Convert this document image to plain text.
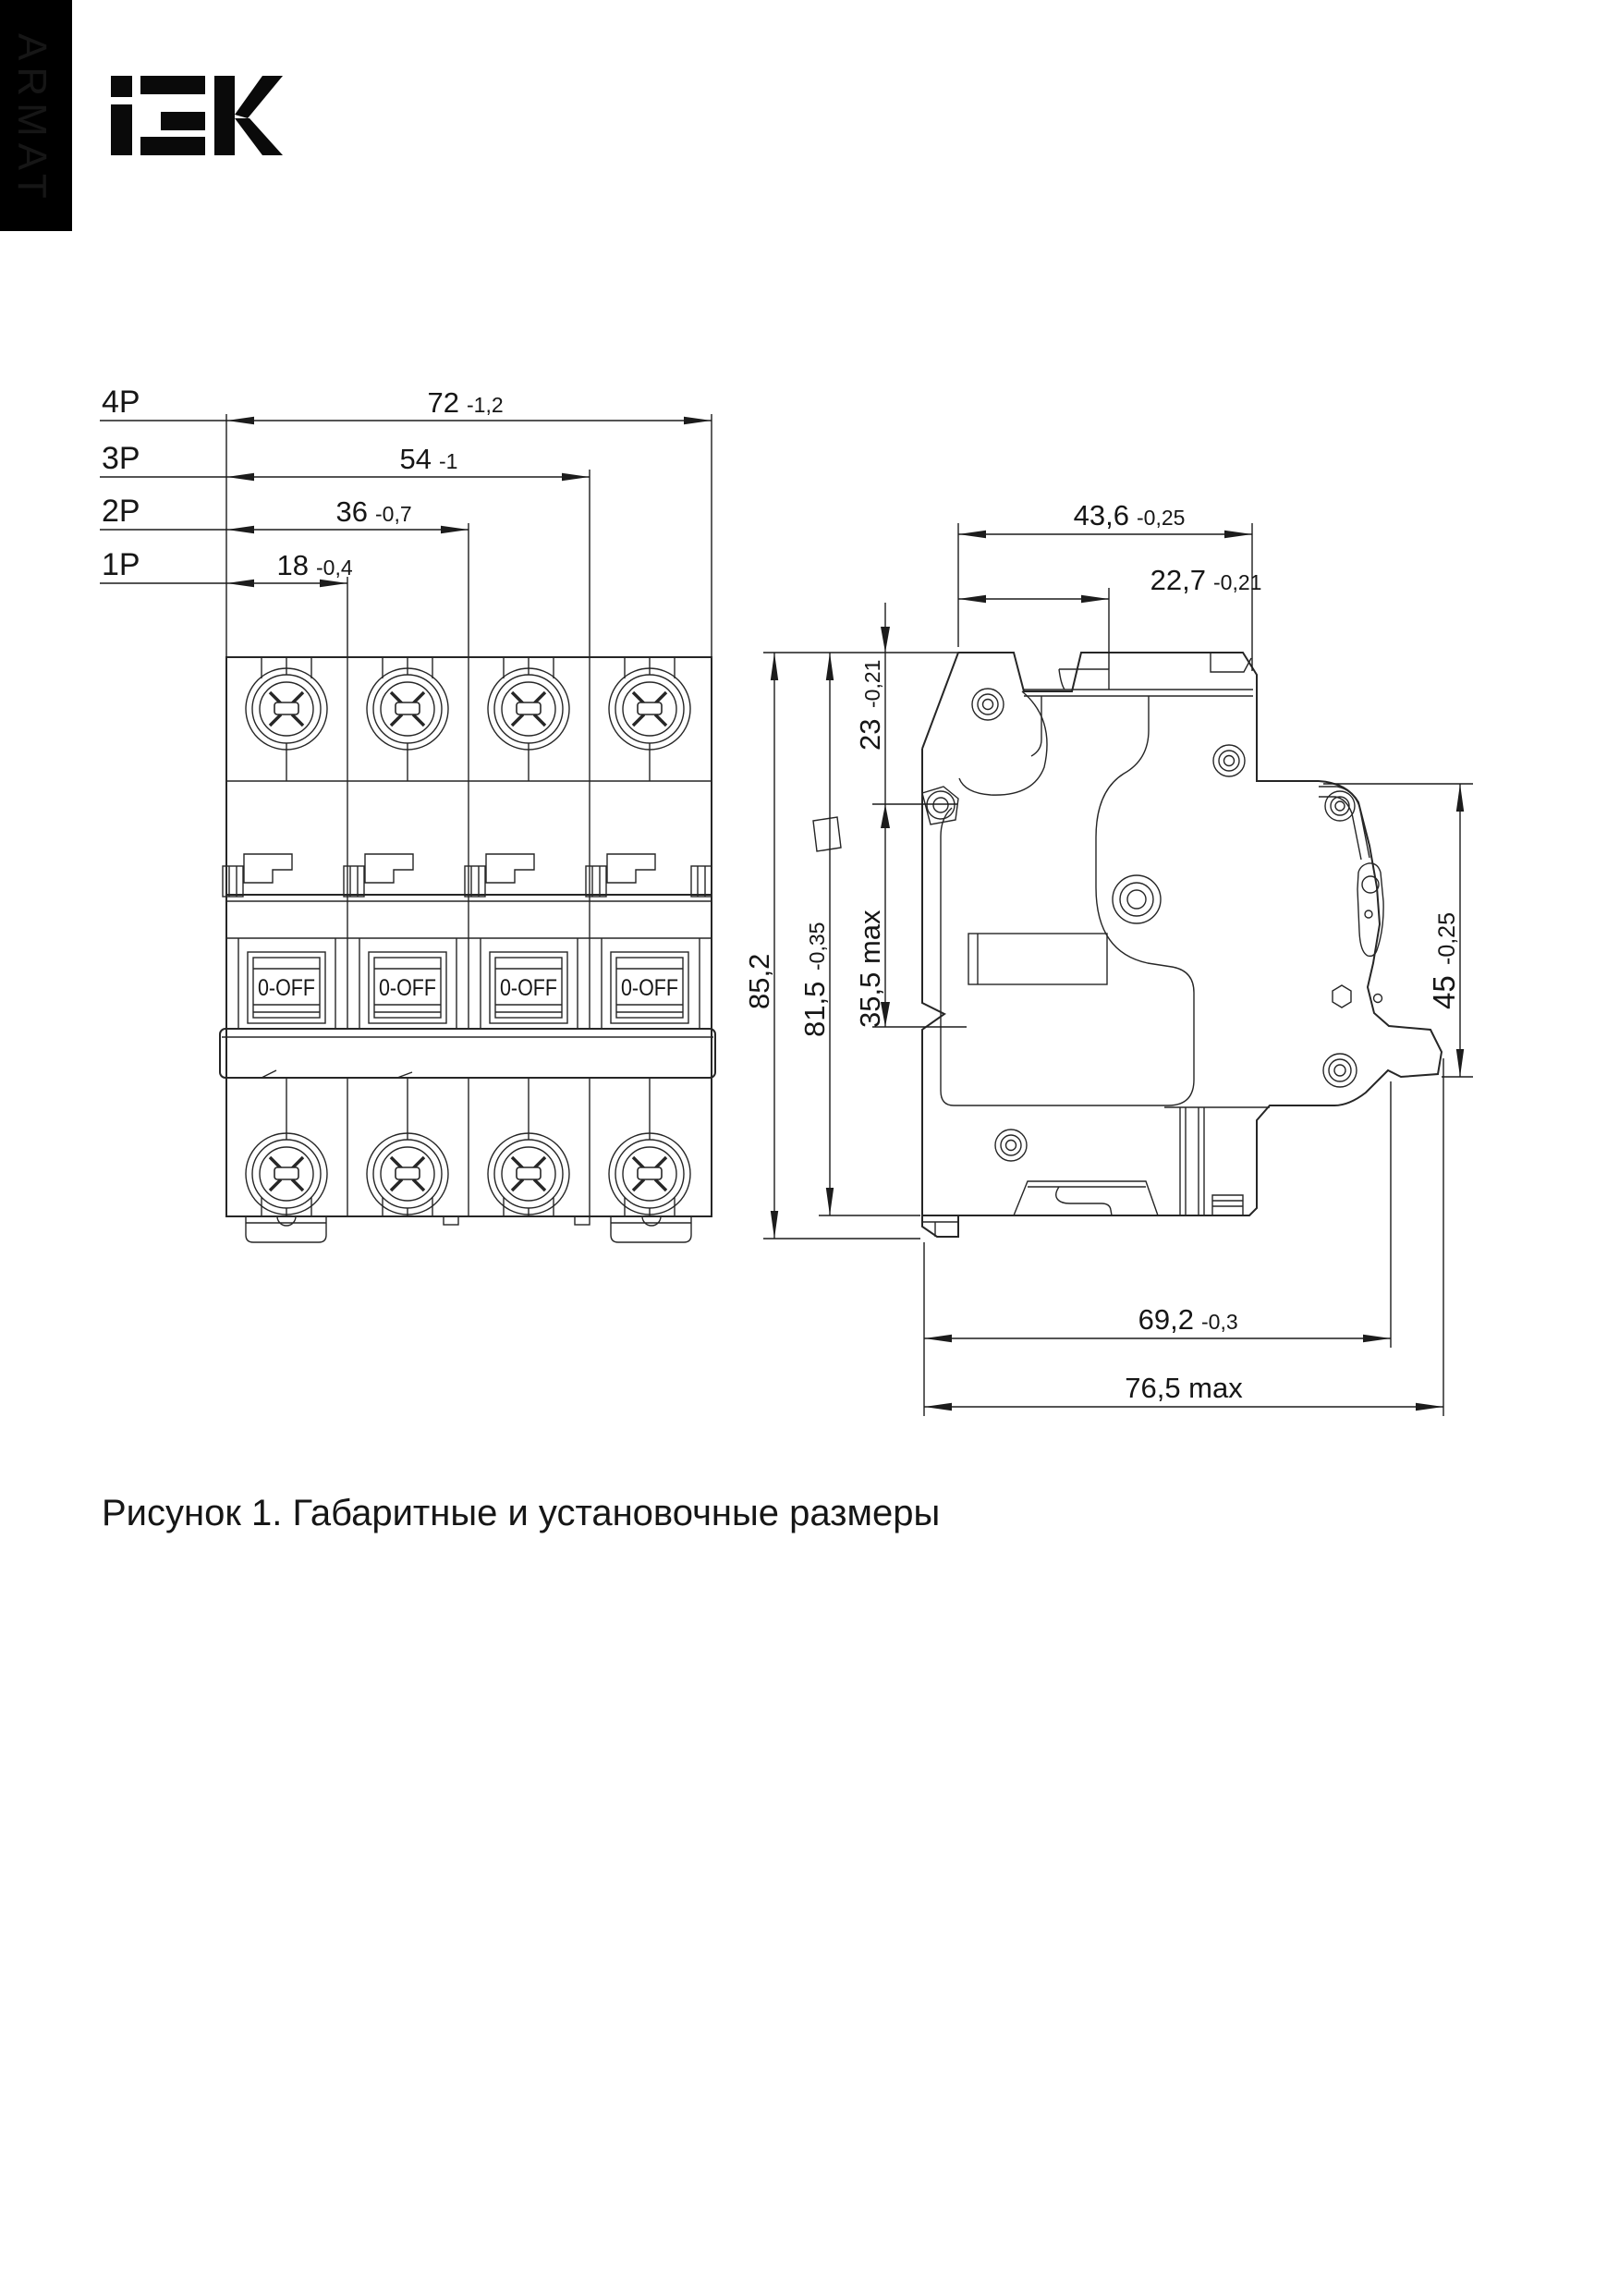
ARMAT
4P
3P
2P
1P
72 -1,2
54 -1
36 -0,7
18 -0,4
0-OFF	0-OFF	0-OFF	0-OFF
43,6 -0,25
22,7 -0,21
23
-0,21
35,5 max
81,5
-0,35
85,2	45
-0,25
69,2 -0,3
76,5 max
Рисунок 1. Габаритные и установочные размеры
